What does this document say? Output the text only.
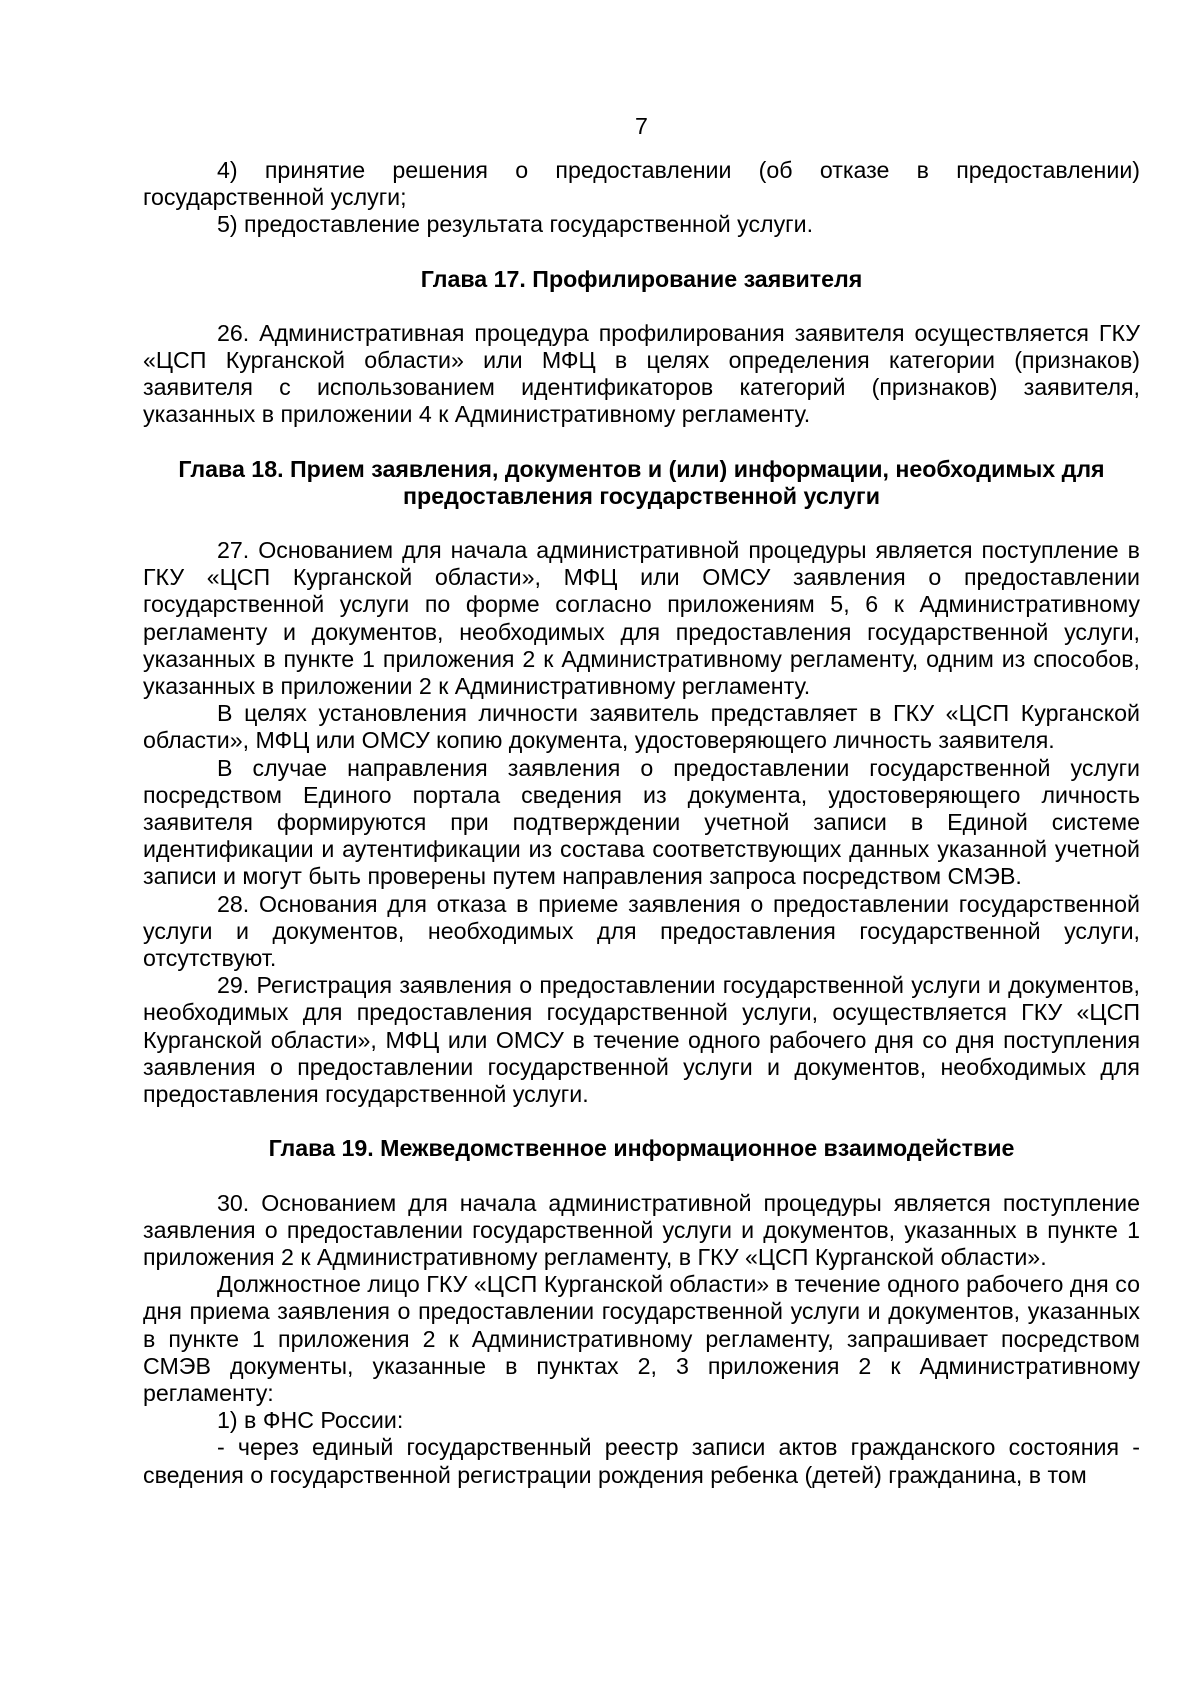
7

4) принятие решения о предоставлении (об отказе в предоставлении) государственной услуги;

5) предоставление результата государственной услуги.

Глава 17. Профилирование заявителя

26. Административная процедура профилирования заявителя осуществляется ГКУ «ЦСП Курганской области» или МФЦ в целях определения категории (признаков) заявителя с использованием идентификаторов категорий (признаков) заявителя, указанных в приложении 4 к Административному регламенту.

Глава 18. Прием заявления, документов и (или) информации, необходимых для
предоставления государственной услуги

27. Основанием для начала административной процедуры является поступление в ГКУ «ЦСП Курганской области», МФЦ или ОМСУ заявления о предоставлении государственной услуги по форме согласно приложениям 5, 6 к Административному регламенту и документов, необходимых для предоставления государственной услуги, указанных в пункте 1 приложения 2 к Административному регламенту, одним из способов, указанных в приложении 2 к Административному регламенту.

В целях установления личности заявитель представляет в ГКУ «ЦСП Курганской области», МФЦ или ОМСУ копию документа, удостоверяющего личность заявителя.

В случае направления заявления о предоставлении государственной услуги посредством Единого портала сведения из документа, удостоверяющего личность заявителя формируются при подтверждении учетной записи в Единой системе идентификации и аутентификации из состава соответствующих данных указанной учетной записи и могут быть проверены путем направления запроса посредством СМЭВ.

28. Основания для отказа в приеме заявления о предоставлении государственной услуги и документов, необходимых для предоставления государственной услуги, отсутствуют.

29. Регистрация заявления о предоставлении государственной услуги и документов, необходимых для предоставления государственной услуги, осуществляется ГКУ «ЦСП Курганской области», МФЦ или ОМСУ в течение одного рабочего дня со дня поступления заявления о предоставлении государственной услуги и документов, необходимых для предоставления государственной услуги.

Глава 19. Межведомственное информационное взаимодействие

30. Основанием для начала административной процедуры является поступление заявления о предоставлении государственной услуги и документов, указанных в пункте 1 приложения 2 к Административному регламенту, в ГКУ «ЦСП Курганской области».

Должностное лицо ГКУ «ЦСП Курганской области» в течение одного рабочего дня со дня приема заявления о предоставлении государственной услуги и документов, указанных в пункте 1 приложения 2 к Административному регламенту, запрашивает посредством СМЭВ документы, указанные в пунктах 2, 3 приложения 2 к Административному регламенту:

1) в ФНС России:

- через единый государственный реестр записи актов гражданского состояния - сведения о государственной регистрации рождения ребенка (детей) гражданина, в том
